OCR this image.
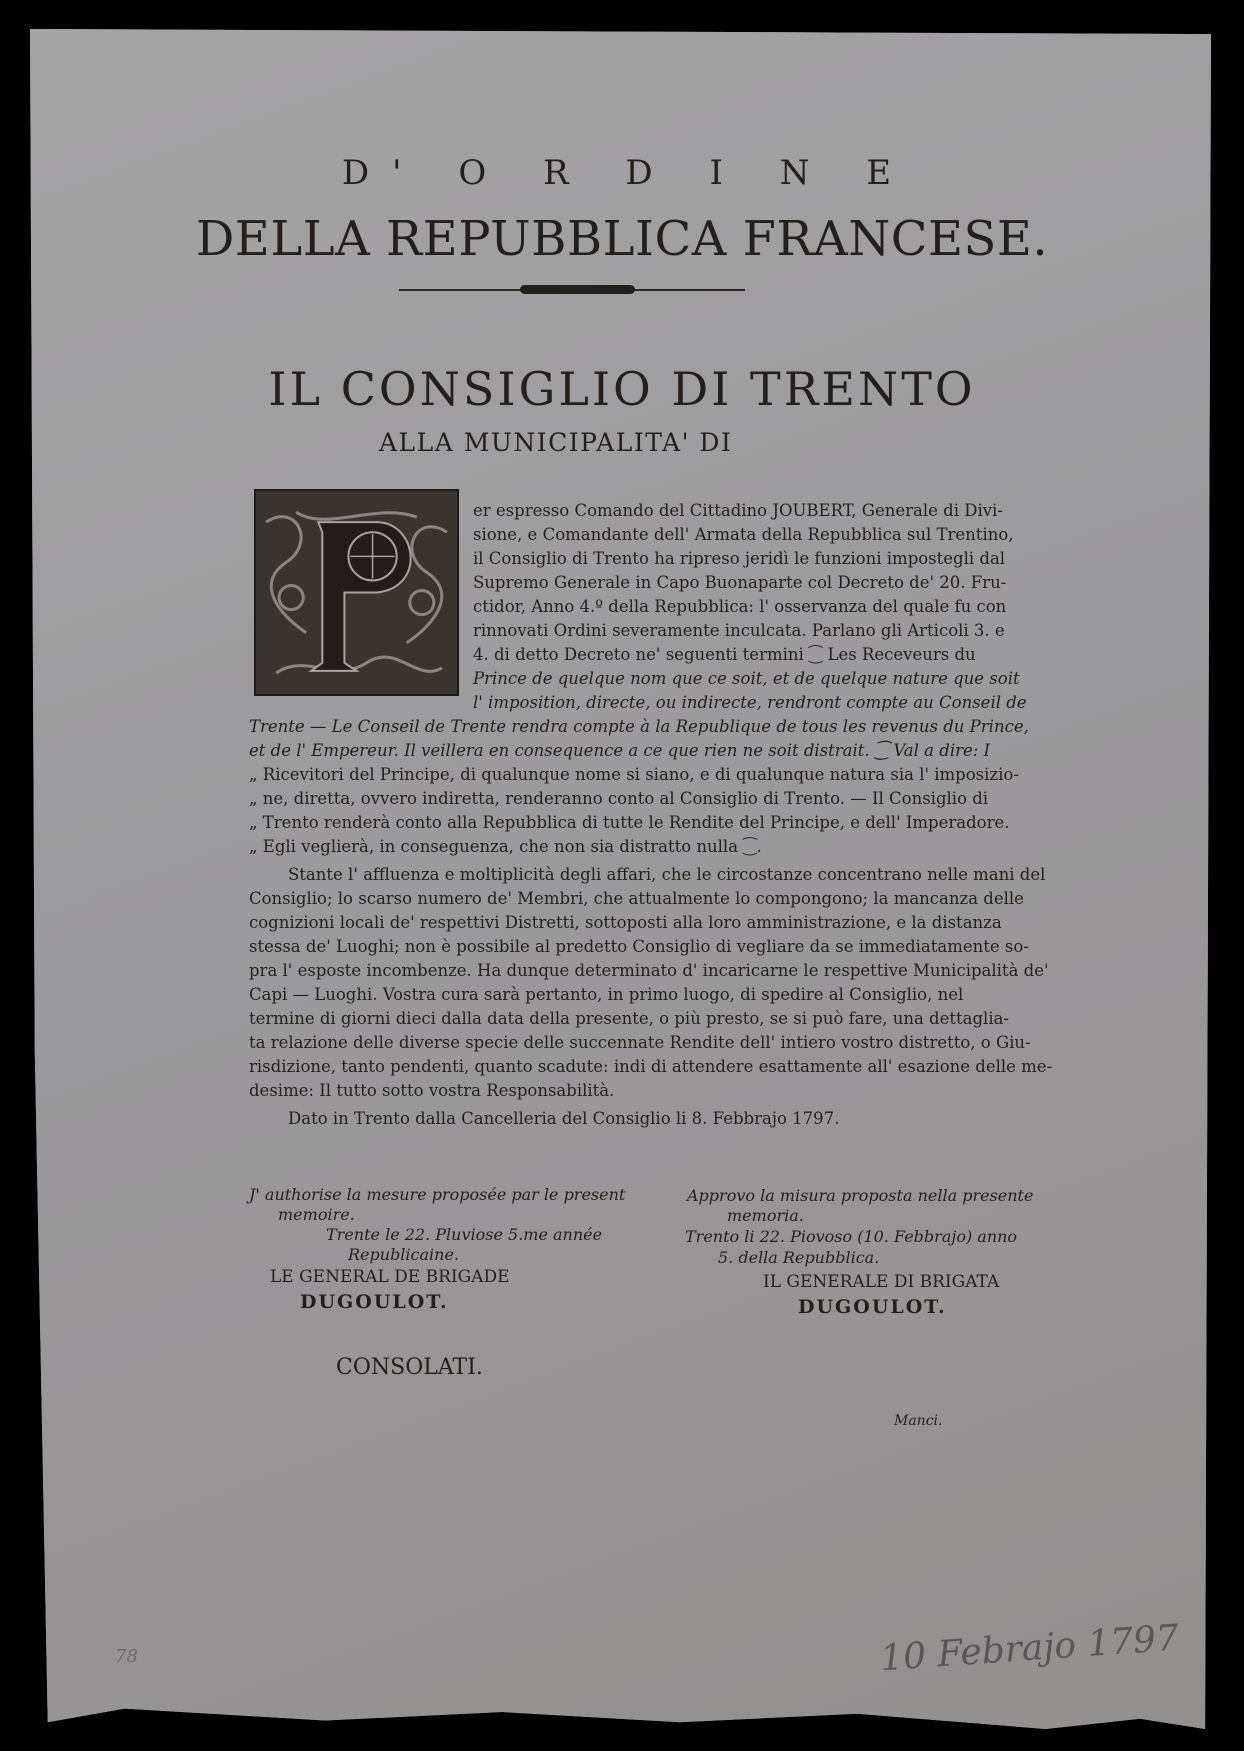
D' O R D I N E
DELLA REPUBBLICA FRANCESE.
IL CONSIGLIO DI TRENTO
ALLA MUNICIPALITA' DI
er espresso Comando del Cittadino JOUBERT, Generale di Divi-
sione, e Comandante dell' Armata della Repubblica sul Trentino,
il Consiglio di Trento ha ripreso jeridì le funzioni impostegli dal
Supremo Generale in Capo Buonaparte col Decreto de' 20. Fru-
ctidor, Anno 4.º della Repubblica: l' osservanza del quale fu con
rinnovati Ordini severamente inculcata. Parlano gli Articoli 3. e
4. di detto Decreto ne' seguenti termini ⁐ Les Receveurs du
Prince de quelque nom que ce soit, et de quelque nature que soit
l' imposition, directe, ou indirecte, rendront compte au Conseil de
Trente — Le Conseil de Trente rendra compte à la Republique de tous les revenus du Prince,
et de l' Empereur. Il veillera en consequence a ce que rien ne soit distrait. ⁐ Val a dire: I
„ Ricevitori del Principe, di qualunque nome si siano, e di qualunque natura sia l' imposizio-
„ ne, diretta, ovvero indiretta, renderanno conto al Consiglio di Trento. — Il Consiglio di
„ Trento renderà conto alla Repubblica di tutte le Rendite del Principe, e dell' Imperadore.
„ Egli veglierà, in conseguenza, che non sia distratto nulla ⁐.
Stante l' affluenza e moltiplicità degli affari, che le circostanze concentrano nelle mani del
Consiglio; lo scarso numero de' Membri, che attualmente lo compongono; la mancanza delle
cognizioni locali de' respettivi Distretti, sottoposti alla loro amministrazione, e la distanza
stessa de' Luoghi; non è possibile al predetto Consiglio di vegliare da se immediatamente so-
pra l' esposte incombenze. Ha dunque determinato d' incaricarne le respettive Municipalità de'
Capi — Luoghi. Vostra cura sarà pertanto, in primo luogo, di spedire al Consiglio, nel
termine di giorni dieci dalla data della presente, o più presto, se si può fare, una dettaglia-
ta relazione delle diverse specie delle succennate Rendite dell' intiero vostro distretto, o Giu-
risdizione, tanto pendenti, quanto scadute: indi di attendere esattamente all' esazione delle me-
desime: Il tutto sotto vostra Responsabilità.
Dato in Trento dalla Cancelleria del Consiglio li 8. Febbrajo 1797.
J' authorise la mesure proposée par le present
memoire.
Trente le 22. Pluviose 5.me année
Republicaine.
LE GENERAL DE BRIGADE
DUGOULOT.
Approvo la misura proposta nella presente
memoria.
Trento li 22. Piovoso (10. Febbrajo) anno
5. della Repubblica.
IL GENERALE DI BRIGATA
DUGOULOT.
CONSOLATI.
Manci.
10 Febrajo 1797
78
